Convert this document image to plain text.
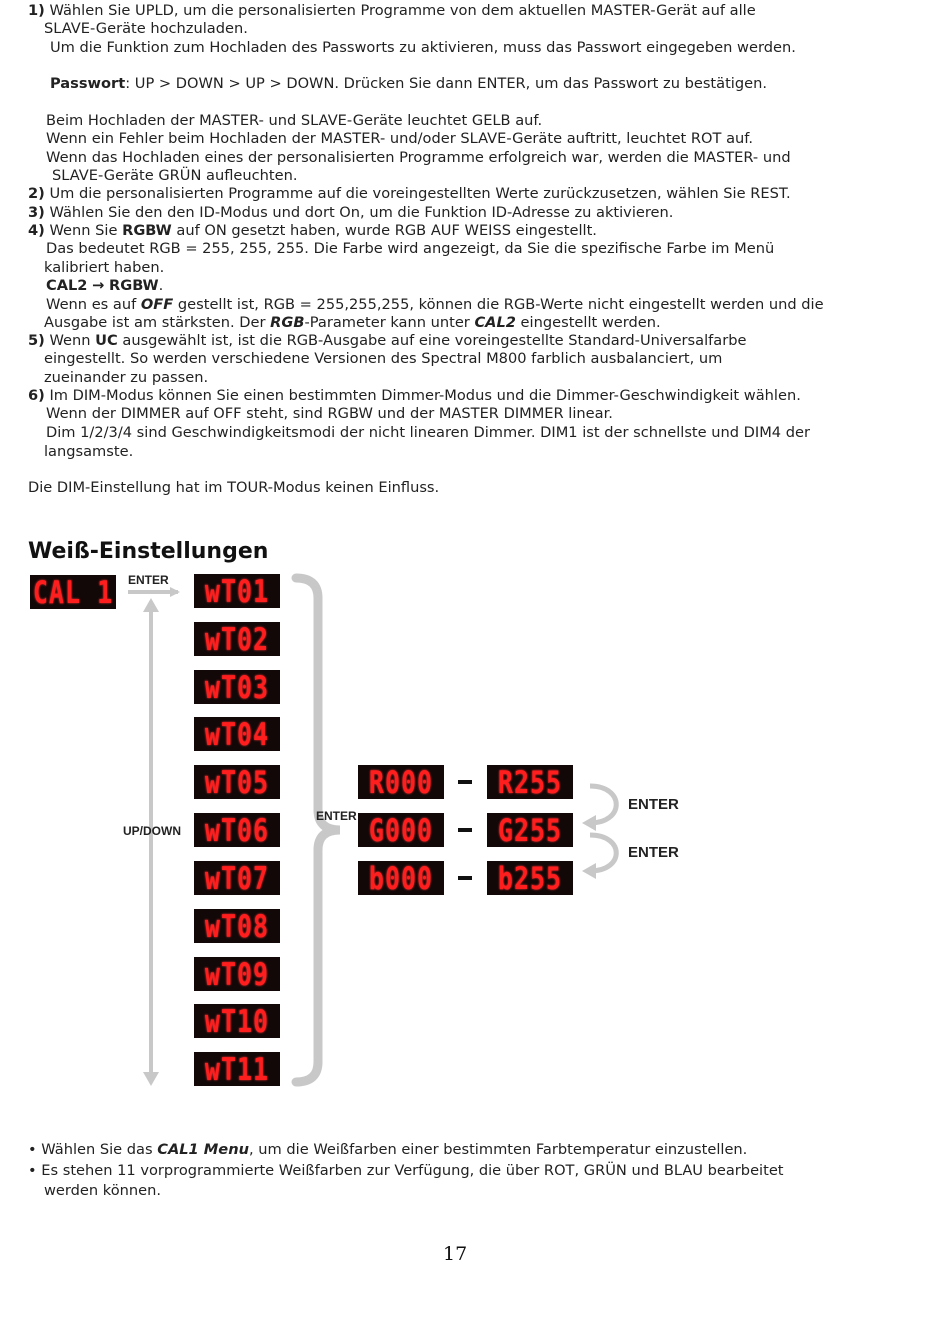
1) Wählen Sie UPLD, um die personalisierten Programme von dem aktuellen MASTER-Gerät auf alle
SLAVE-Geräte hochzuladen.
Um die Funktion zum Hochladen des Passworts zu aktivieren, muss das Passwort eingegeben werden.
Passwort: UP > DOWN > UP > DOWN. Drücken Sie dann ENTER, um das Passwort zu bestätigen.
Beim Hochladen der MASTER- und SLAVE-Geräte leuchtet GELB auf.
Wenn ein Fehler beim Hochladen der MASTER- und/oder SLAVE-Geräte auftritt, leuchtet ROT auf.
Wenn das Hochladen eines der personalisierten Programme erfolgreich war, werden die MASTER- und
SLAVE-Geräte GRÜN aufleuchten.
2) Um die personalisierten Programme auf die voreingestellten Werte zurückzusetzen, wählen Sie REST.
3) Wählen Sie den den ID-Modus und dort On, um die Funktion ID-Adresse zu aktivieren.
4) Wenn Sie RGBW auf ON gesetzt haben, wurde RGB AUF WEISS eingestellt.
Das bedeutet RGB = 255, 255, 255. Die Farbe wird angezeigt, da Sie die spezifische Farbe im Menü
kalibriert haben.
CAL2 → RGBW.
Wenn es auf OFF gestellt ist, RGB = 255,255,255, können die RGB-Werte nicht eingestellt werden und die
Ausgabe ist am stärksten. Der RGB-Parameter kann unter CAL2 eingestellt werden.
5) Wenn UC ausgewählt ist, ist die RGB-Ausgabe auf eine voreingestellte Standard-Universalfarbe
eingestellt. So werden verschiedene Versionen des Spectral M800 farblich ausbalanciert, um
zueinander zu passen.
6) Im DIM-Modus können Sie einen bestimmten Dimmer-Modus und die Dimmer-Geschwindigkeit wählen.
Wenn der DIMMER auf OFF steht, sind RGBW und der MASTER DIMMER linear.
Dim 1/2/3/4 sind Geschwindigkeitsmodi der nicht linearen Dimmer. DIM1 ist der schnellste und DIM4 der
langsamste.
Die DIM-Einstellung hat im TOUR-Modus keinen Einfluss.
Weiß-Einstellungen
CAL 1 ENTER
UP/DOWN
ENTER
ENTER
ENTER
wT01
wT02
wT03
wT04
wT05
wT06
wT07
wT08
wT09
wT10
wT11
R000
G000
b000
R255
G255
b255
• Wählen Sie das CAL1 Menu, um die Weißfarben einer bestimmten Farbtemperatur einzustellen.
• Es stehen 11 vorprogrammierte Weißfarben zur Verfügung, die über ROT, GRÜN und BLAU bearbeitet
werden können.
17
